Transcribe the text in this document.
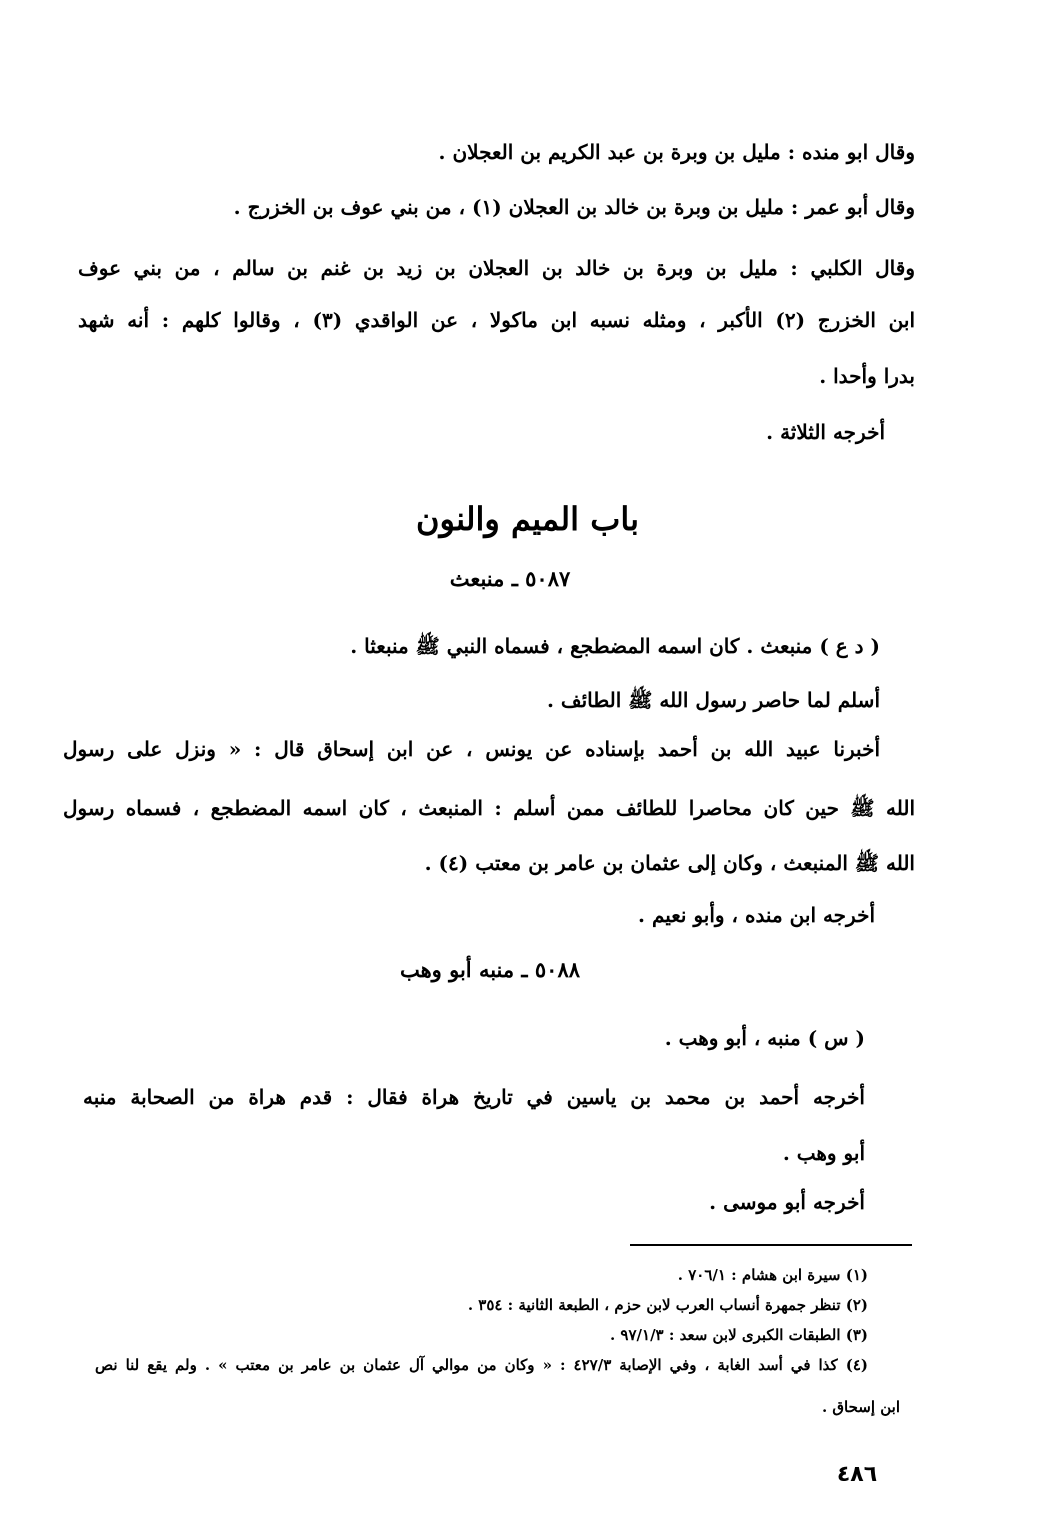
وقال ابو منده : مليل بن وبرة بن عبد الكريم بن العجلان .
وقال أبو عمر : مليل بن وبرة بن خالد بن العجلان (١) ، من بني عوف بن الخزرج .
وقال الكلبي : مليل بن وبرة بن خالد بن العجلان بن زيد بن غنم بن سالم ، من بني عوف
ابن الخزرج (٢) الأكبر ، ومثله نسبه ابن ماكولا ، عن الواقدي (٣) ، وقالوا كلهم : أنه شهد
بدرا وأحدا .
أخرجه الثلاثة .
باب الميم والنون
٥٠٨٧ ـ منبعث
( د ع ) منبعث . كان اسمه المضطجع ، فسماه النبي ﷺ منبعثا .
أسلم لما حاصر رسول الله ﷺ الطائف .
أخبرنا عبيد الله بن أحمد بإسناده عن يونس ، عن ابن إسحاق قال : « ونزل على رسول
الله ﷺ حين كان محاصرا للطائف ممن أسلم : المنبعث ، كان اسمه المضطجع ، فسماه رسول
الله ﷺ المنبعث ، وكان إلى عثمان بن عامر بن معتب (٤) .
أخرجه ابن منده ، وأبو نعيم .
٥٠٨٨ ـ منبه أبو وهب
( س ) منبه ، أبو وهب .
أخرجه أحمد بن محمد بن ياسين في تاريخ هراة فقال : قدم هراة من الصحابة منبه
أبو وهب .
أخرجه أبو موسى .
(١) سيرة ابن هشام : ٧٠٦/١ .
(٢) تنظر جمهرة أنساب العرب لابن حزم ، الطبعة الثانية : ٣٥٤ .
(٣) الطبقات الكبرى لابن سعد : ٩٧/١/٣ .
(٤) كذا في أسد الغابة ، وفي الإصابة ٤٢٧/٣ : « وكان من موالي آل عثمان بن عامر بن معتب » . ولم يقع لنا نص
ابن إسحاق .
٤٨٦
